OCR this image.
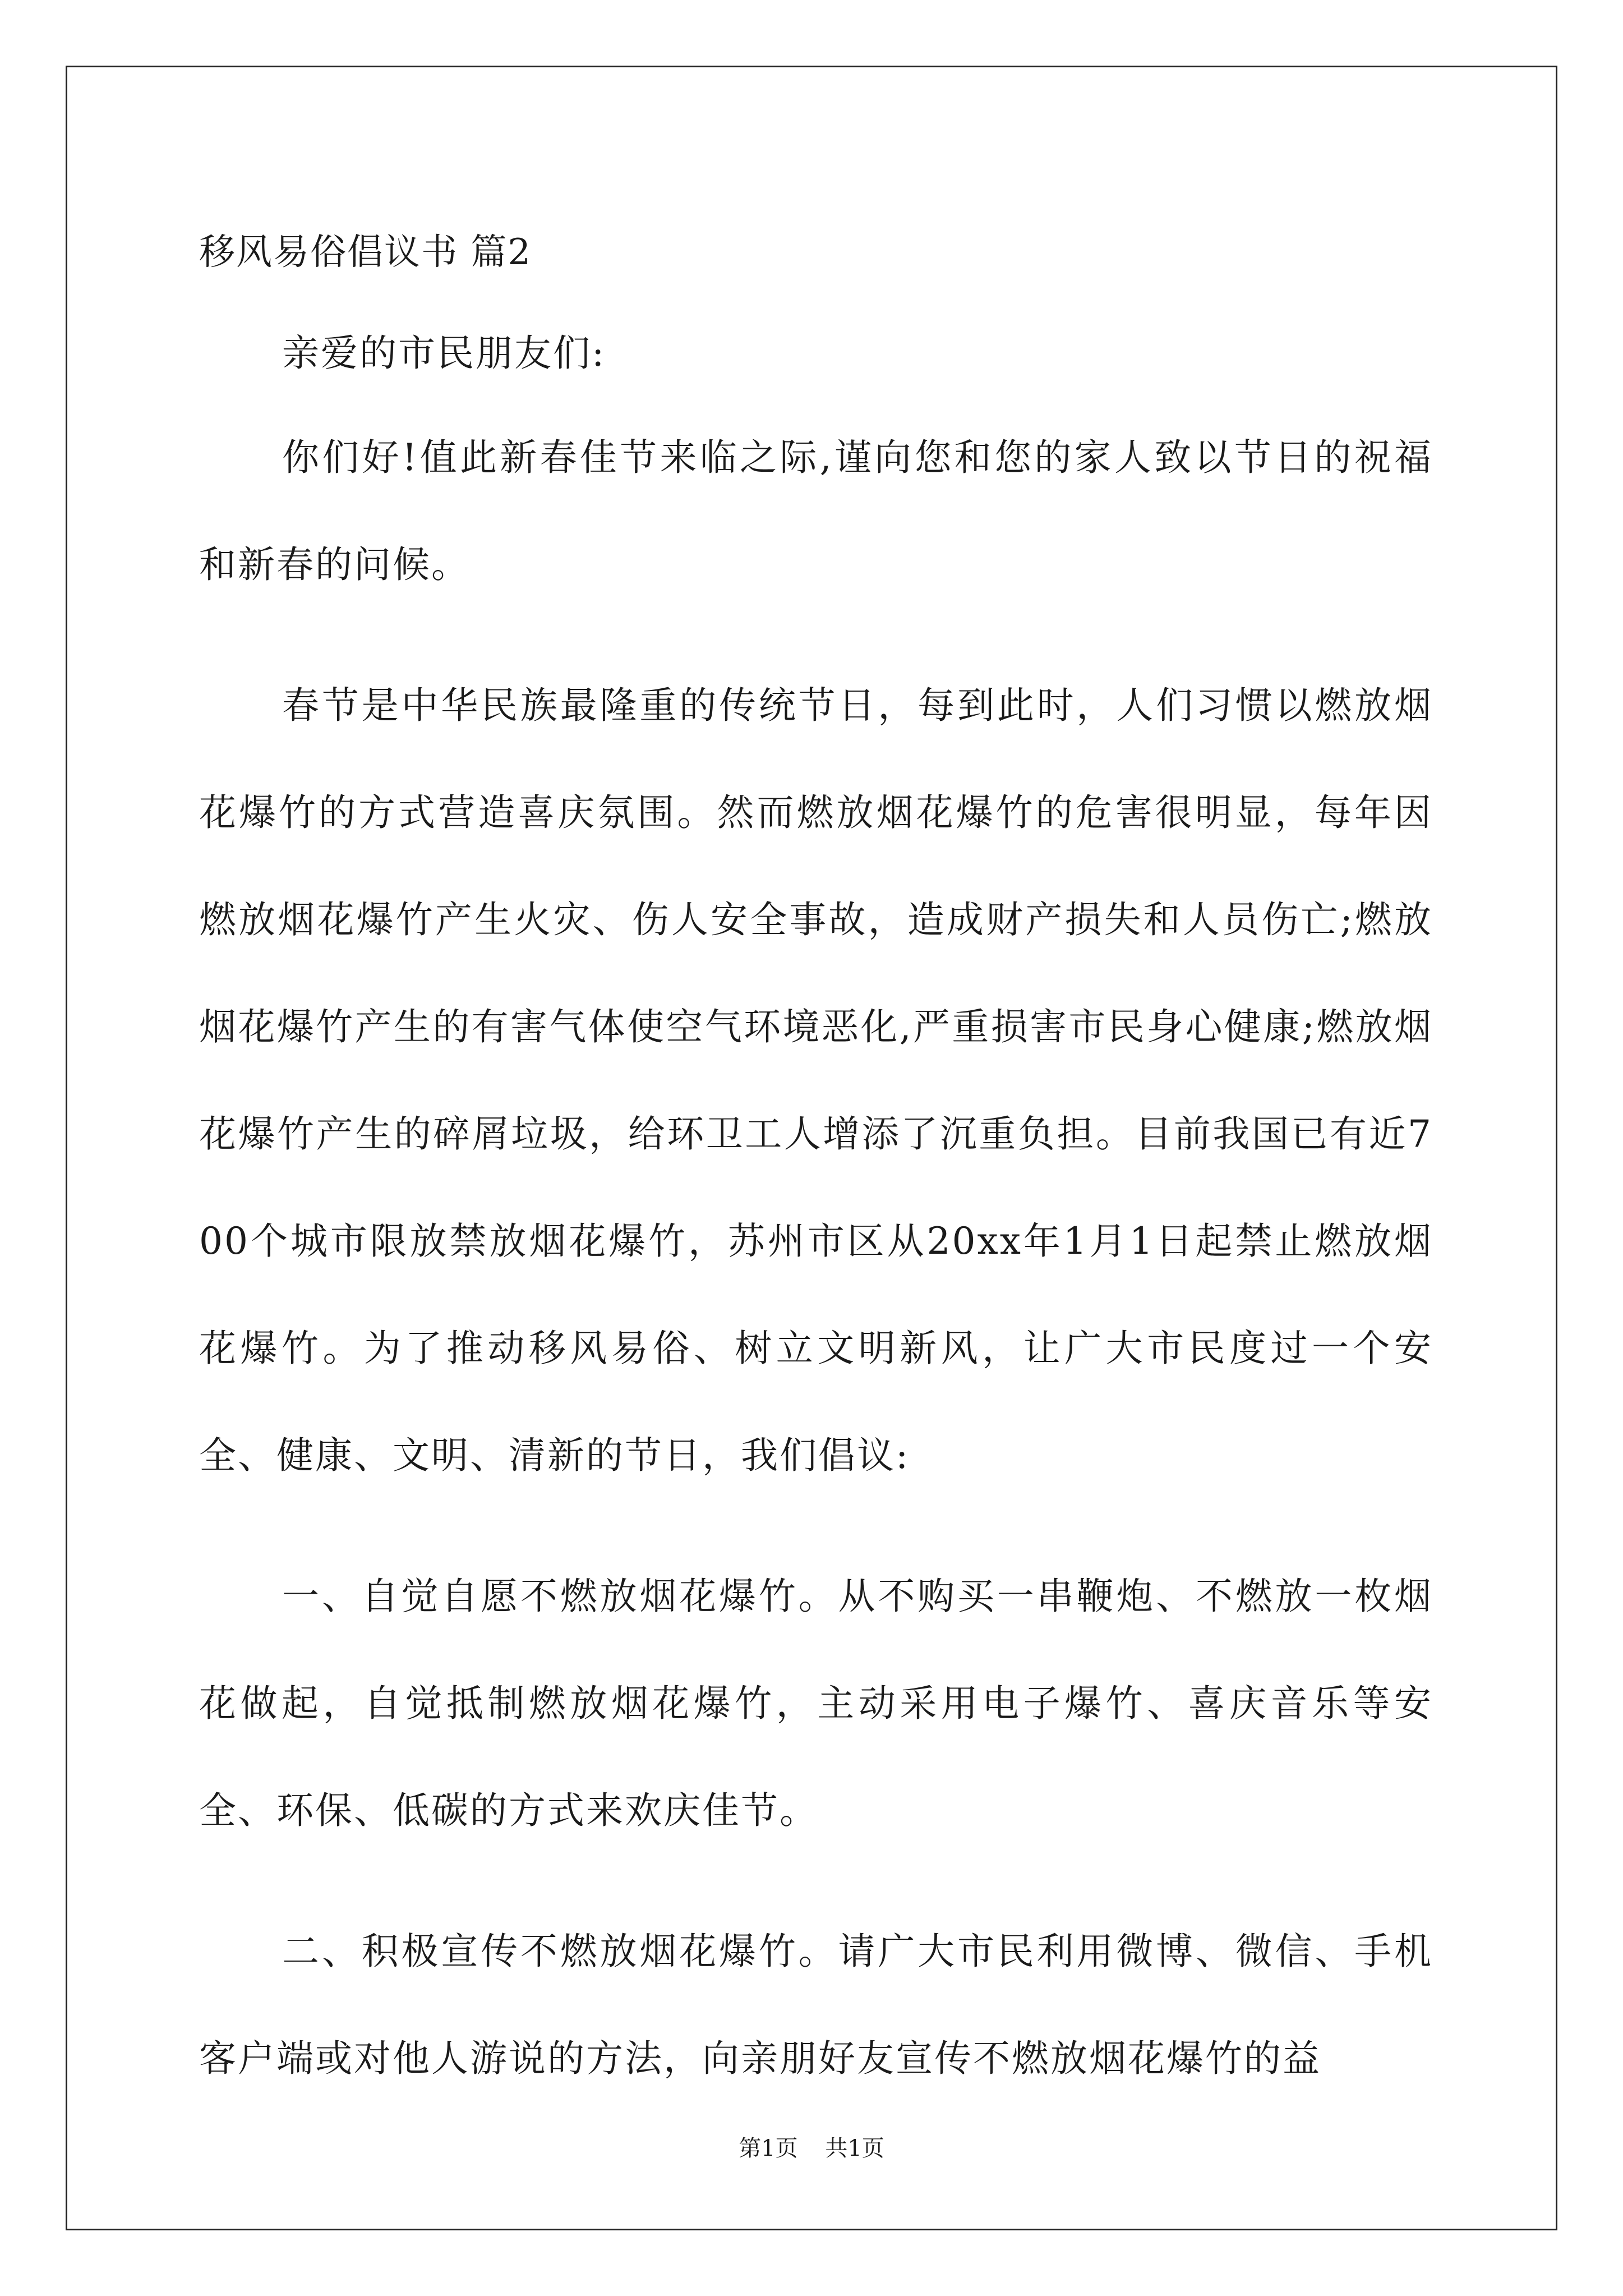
移风易俗倡议书 篇2

亲爱的市民朋友们:

你们好!值此新春佳节来临之际,谨向您和您的家人致以节日的祝福和新春的问候。

春节是中华民族最隆重的传统节日，每到此时，人们习惯以燃放烟花爆竹的方式营造喜庆氛围。然而燃放烟花爆竹的危害很明显，每年因燃放烟花爆竹产生火灾、伤人安全事故，造成财产损失和人员伤亡;燃放烟花爆竹产生的有害气体使空气环境恶化,严重损害市民身心健康;燃放烟花爆竹产生的碎屑垃圾，给环卫工人增添了沉重负担。目前我国已有近700个城市限放禁放烟花爆竹，苏州市区从20xx年1月1日起禁止燃放烟花爆竹。为了推动移风易俗、树立文明新风，让广大市民度过一个安全、健康、文明、清新的节日，我们倡议:

一、自觉自愿不燃放烟花爆竹。从不购买一串鞭炮、不燃放一枚烟花做起，自觉抵制燃放烟花爆竹，主动采用电子爆竹、喜庆音乐等安全、环保、低碳的方式来欢庆佳节。

二、积极宣传不燃放烟花爆竹。请广大市民利用微博、微信、手机客户端或对他人游说的方法，向亲朋好友宣传不燃放烟花爆竹的益

第1页 共1页
